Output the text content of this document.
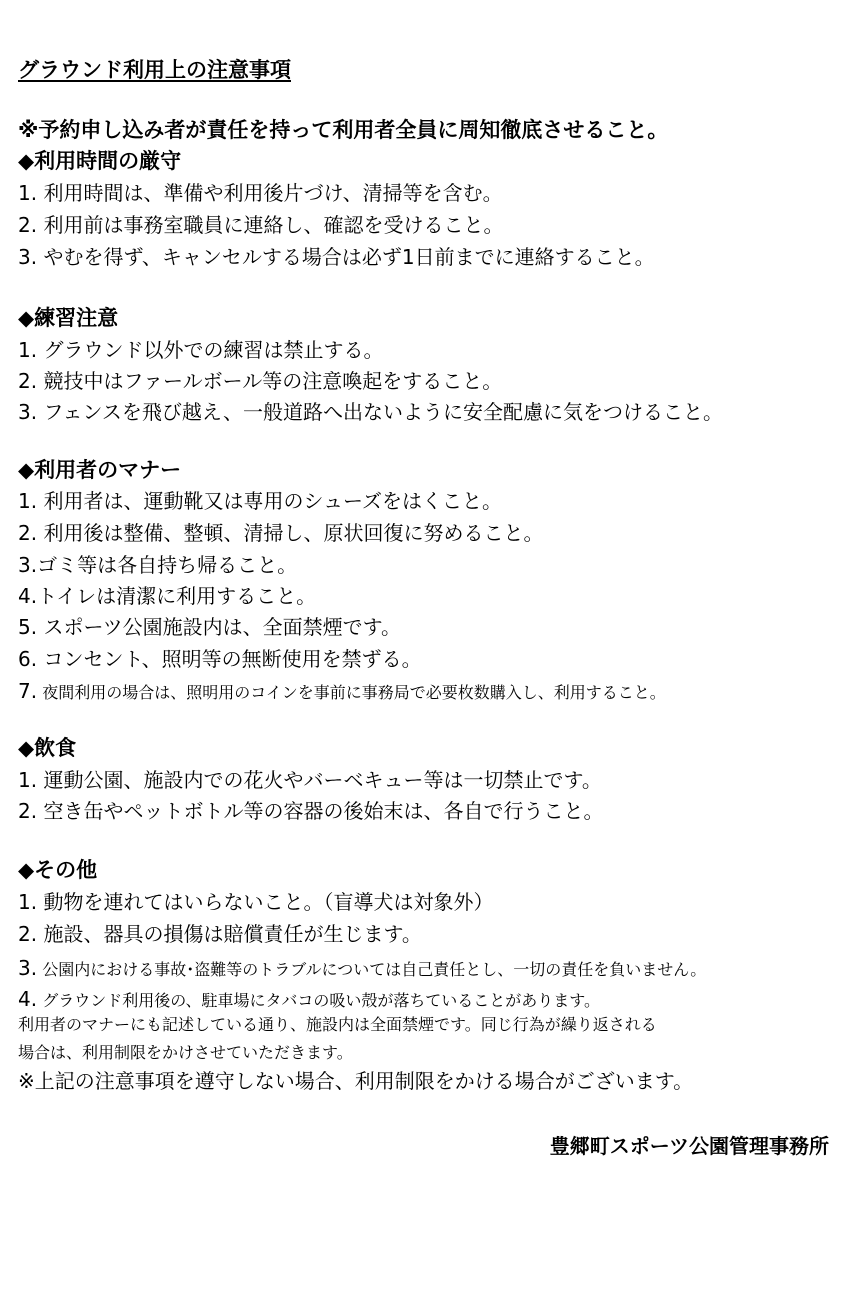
グラウンド利用上の注意事項
※予約申し込み者が責任を持って利用者全員に周知徹底させること。
◆利用時間の厳守
1. 利用時間は、準備や利用後片づけ、清掃等を含む。
2. 利用前は事務室職員に連絡し、確認を受けること。
3. やむを得ず、キャンセルする場合は必ず1日前までに連絡すること。
◆練習注意
1. グラウンド以外での練習は禁止する。
2. 競技中はファールボール等の注意喚起をすること。
3. フェンスを飛び越え、一般道路へ出ないように安全配慮に気をつけること。
◆利用者のマナー
1. 利用者は、運動靴又は専用のシューズをはくこと。
2. 利用後は整備、整頓、清掃し、原状回復に努めること。
3.ゴミ等は各自持ち帰ること。
4.トイレは清潔に利用すること。
5. スポーツ公園施設内は、全面禁煙です。
6. コンセント、照明等の無断使用を禁ずる。
7. 夜間利用の場合は、照明用のコインを事前に事務局で必要枚数購入し、利用すること。
◆飲食
1. 運動公園、施設内での花火やバーベキュー等は一切禁止です。
2. 空き缶やペットボトル等の容器の後始末は、各自で行うこと。
◆その他
1. 動物を連れてはいらないこと。（盲導犬は対象外）
2. 施設、器具の損傷は賠償責任が生じます。
3. 公園内における事故･盗難等のトラブルについては自己責任とし、一切の責任を負いません。
4. グラウンド利用後の、駐車場にタバコの吸い殻が落ちていることがあります。
利用者のマナーにも記述している通り、施設内は全面禁煙です。同じ行為が繰り返される
場合は、利用制限をかけさせていただきます。
※上記の注意事項を遵守しない場合、利用制限をかける場合がございます。
豊郷町スポーツ公園管理事務所
